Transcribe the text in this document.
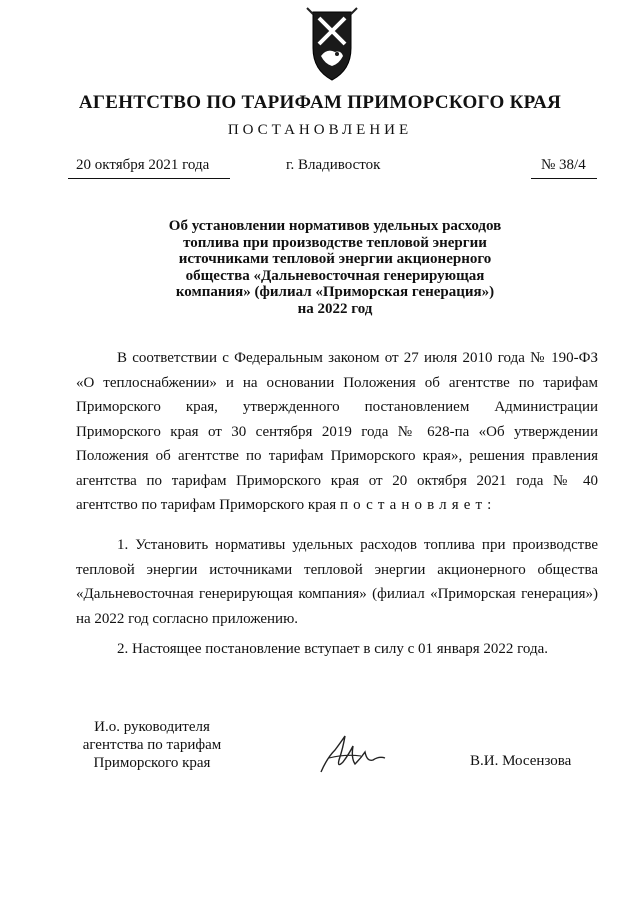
АГЕНТСТВО ПО ТАРИФАМ ПРИМОРСКОГО КРАЯ
ПОСТАНОВЛЕНИЕ
20 октября 2021 года	г. Владивосток	№ 38/4
Об установлении нормативов удельных расходов
топлива при производстве тепловой энергии
источниками тепловой энергии акционерного
общества «Дальневосточная генерирующая
компания» (филиал «Приморская генерация»)
на 2022 год
В соответствии с Федеральным законом от 27 июля 2010 года № 190-ФЗ
«О теплоснабжении» и на основании Положения об агентстве по тарифам
Приморского края, утвержденного постановлением Администрации
Приморского края от 30 сентября 2019 года № 628-па «Об утверждении
Положения об агентстве по тарифам Приморского края», решения правления
агентства по тарифам Приморского края от 20 октября 2021 года № 40
агентство по тарифам Приморского края постановляет:
1. Установить нормативы удельных расходов топлива при производстве
тепловой энергии источниками тепловой энергии акционерного общества
«Дальневосточная генерирующая компания» (филиал «Приморская генерация»)
на 2022 год согласно приложению.
2. Настоящее постановление вступает в силу с 01 января 2022 года.
И.о. руководителя
агентства по тарифам
Приморского края	В.И. Мосензова
